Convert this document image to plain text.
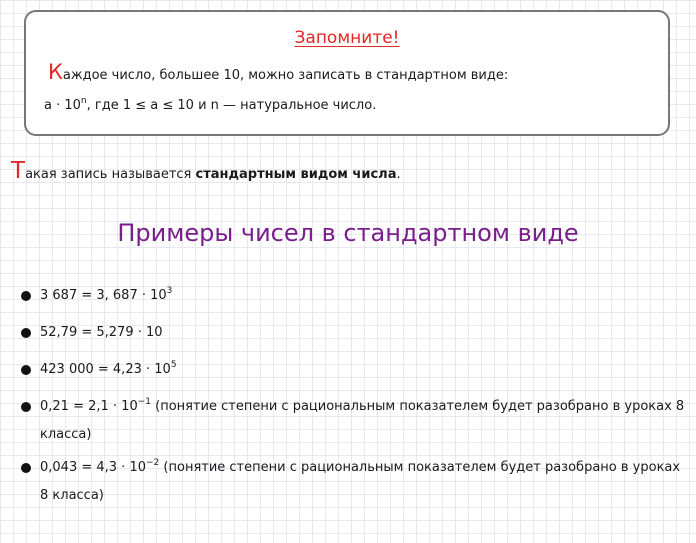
Запомните!
Каждое число, большее 10, можно записать в стандартном виде:
$a \cdot 10^n$, где 1 ≤ a ≤ 10 и n — натуральное число.
Такая запись называется стандартным видом числа.
Примеры чисел в стандартном виде
3 687 = 3, $687 \cdot 10^3$
52,79 = 5,279 · 10
423 $000 = 4,23 \cdot 10^5$
$0,21 = 2,1 \cdot 10^{-1}$ (понятие степени с рациональным показателем будет разобрано в уроках 8 класса)
$0,043 = 4,3 \cdot 10^{-2}$ (понятие степени с рациональным показателем будет разобрано в уроках 8 класса)
